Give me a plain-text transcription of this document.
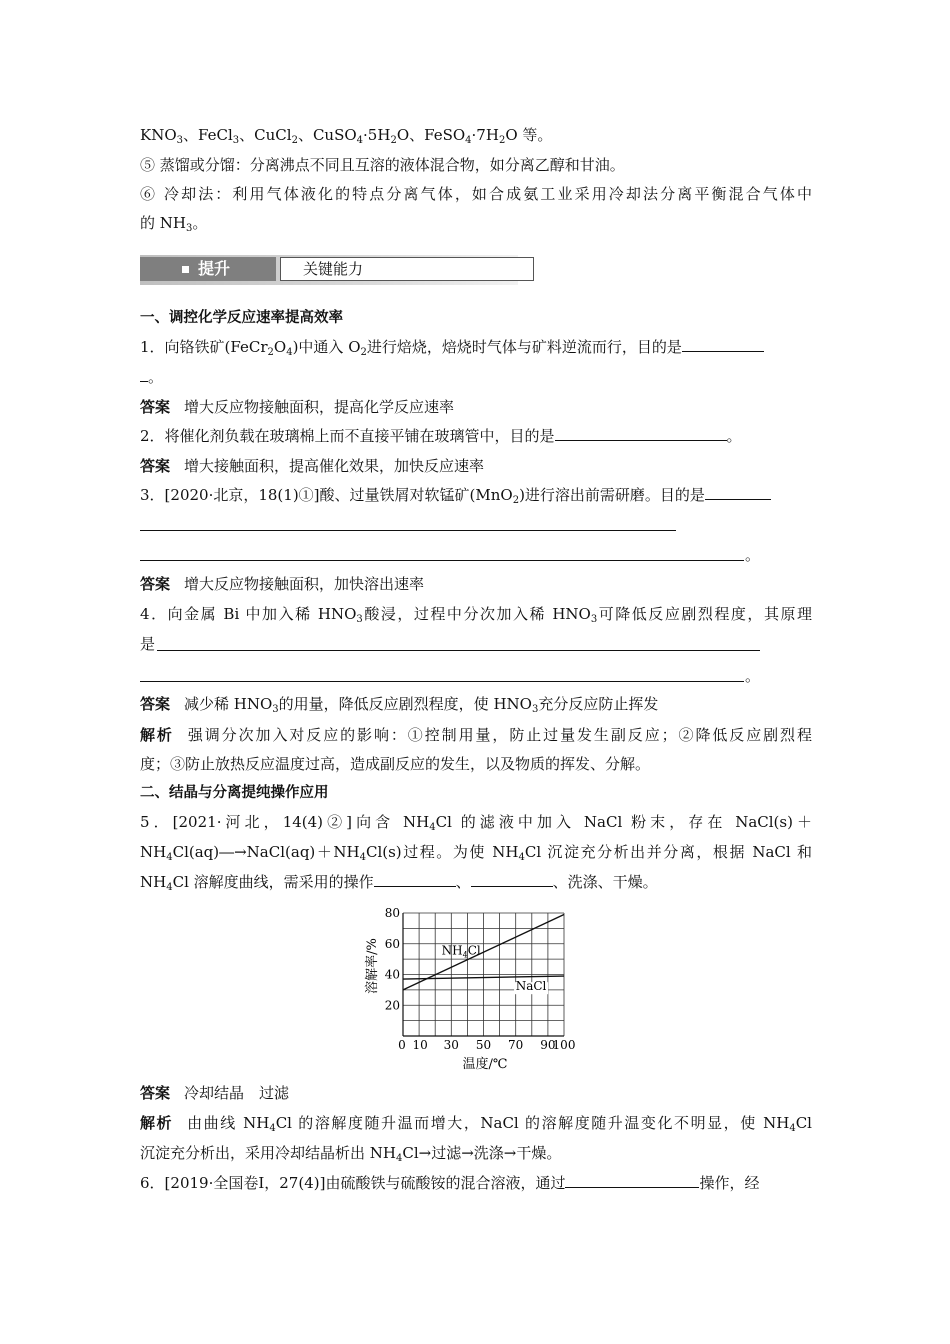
$KNO_3$、FeCl$_3$、CuCl$_2$、$CuSO_4\cdot 5H_2O$、$FeSO_4\cdot 7H_2O$ 等。
⑤ 蒸馏或分馏：分离沸点不同且互溶的液体混合物，如分离乙醇和甘油。
⑥ 冷却法：利用气体液化的特点分离气体，如合成氨工业采用冷却法分离平衡混合气体中
的 $NH_3$。
提升	关键能力
一、调控化学反应速率提高效率
1．向铬铁矿$(FeCr_2O_4)$中通入 $O_2$进行焙烧，焙烧时气体与矿料逆流而行，目的是
。
答案 增大反应物接触面积，提高化学反应速率
2．将催化剂负载在玻璃棉上而不直接平铺在玻璃管中，目的是	。
答案 增大接触面积，提高催化效果，加快反应速率
3．[2020·北京，18(1)①]酸、过量铁屑对软锰矿(MnO$_2$)进行溶出前需研磨。目的是
。
答案 增大反应物接触面积，加快溶出速率
4．向金属 Bi 中加入稀 $HNO_3$酸浸，过程中分次加入稀 $HNO_3$可降低反应剧烈程度，其原理
是
。
答案 减少稀 $HNO_3$的用量，降低反应剧烈程度，使 $HNO_3$充分反应防止挥发
解析 强调分次加入对反应的影响：①控制用量，防止过量发生副反应；②降低反应剧烈程
度；③防止放热反应温度过高，造成副反应的发生，以及物质的挥发、分解。
二、结晶与分离提纯操作应用
5．[2021·河北，14(4)②]向含 $NH_4Cl$ 的滤液中加入 NaCl 粉末，存在 NaCl(s)＋
$NH_4Cl(aq)―\to NaCl(aq)+NH_4Cl(s)$过程。为使 $NH_4Cl$ 沉淀充分析出并分离，根据 NaCl 和
$NH_4Cl$ 溶解度曲线，需采用的操作	、	、洗涤、干燥。
0 10 30 50 70 90
100
20
40
60
80
$NH_4Cl$
NaCl
溶解率/%
温度/℃
答案 冷却结晶　过滤
解析 由曲线 $NH_4Cl$ 的溶解度随升温而增大，NaCl 的溶解度随升温变化不明显，使 $NH_4Cl$
沉淀充分析出，采用冷却结晶析出 $NH_4Cl\to$过滤→洗涤→干燥。
6．[2019·全国卷Ⅰ，27(4)]由硫酸铁与硫酸铵的混合溶液，通过	操作，经
